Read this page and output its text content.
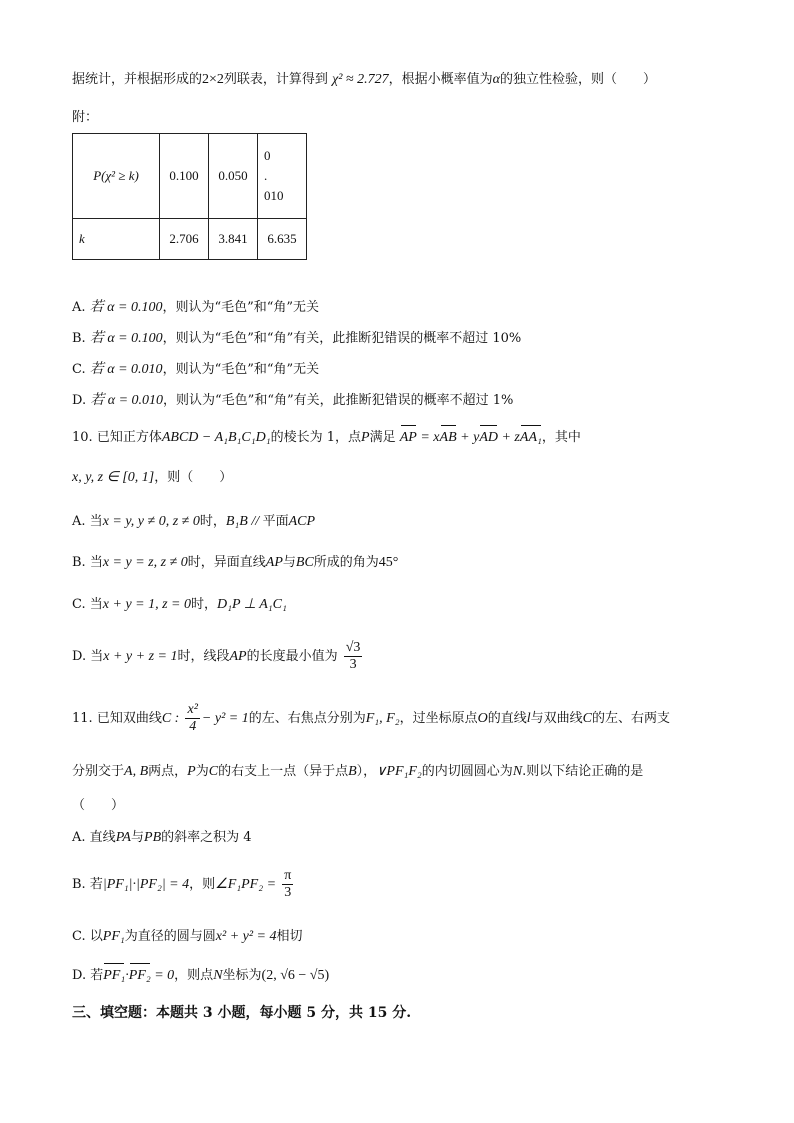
据统计，并根据形成的2×2列联表，计算得到 χ² ≈ 2.727，根据小概率值为α的独立性检验，则（　　）
附：
P(χ² ≥ k)	0.100	0.050	0
.
010

k	2.706	3.841	6.635
A. 若 α = 0.100，则认为“毛色”和“角”无关
B. 若 α = 0.100，则认为“毛色”和“角”有关，此推断犯错误的概率不超过 10%
C. 若 α = 0.010，则认为“毛色”和“角”无关
D. 若 α = 0.010，则认为“毛色”和“角”有关，此推断犯错误的概率不超过 1%
10. 已知正方体ABCD − A₁B₁C₁D₁的棱长为 1，点P满足 AP = xAB + yAD + zAA₁，其中
x, y, z ∈ [0, 1]，则（　　）
A. 当x = y, y ≠ 0, z ≠ 0时，B₁B // 平面ACP
B. 当x = y = z, z ≠ 0时，异面直线AP与BC所成的角为45°
C. 当x + y = 1, z = 0时，D₁P ⊥ A₁C₁
D. 当x + y + z = 1时，线段AP的长度最小值为 $\frac{√3}{3}$
11. 已知双曲线C : $\frac{\text{x²}}{4} - y^2 = 1$的左、右焦点分别为F₁, F₂，过坐标原点O的直线l与双曲线C的左、右两支
分别交于A, B两点，P为C的右支上一点（异于点B），∨PF₁F₂的内切圆圆心为N.则以下结论正确的是
（　　）
A. 直线PA与PB的斜率之积为 4
B. 若|PF₁|·|PF₂| = 4，则∠F₁PF₂ = $\frac{\pi}{3}$
C. 以PF₁为直径的圆与圆x² + y² = 4相切
D. 若PF₁·PF₂ = 0，则点N坐标为(2, √6 − √5)
三、填空题：本题共 3 小题，每小题 5 分，共 15 分.
